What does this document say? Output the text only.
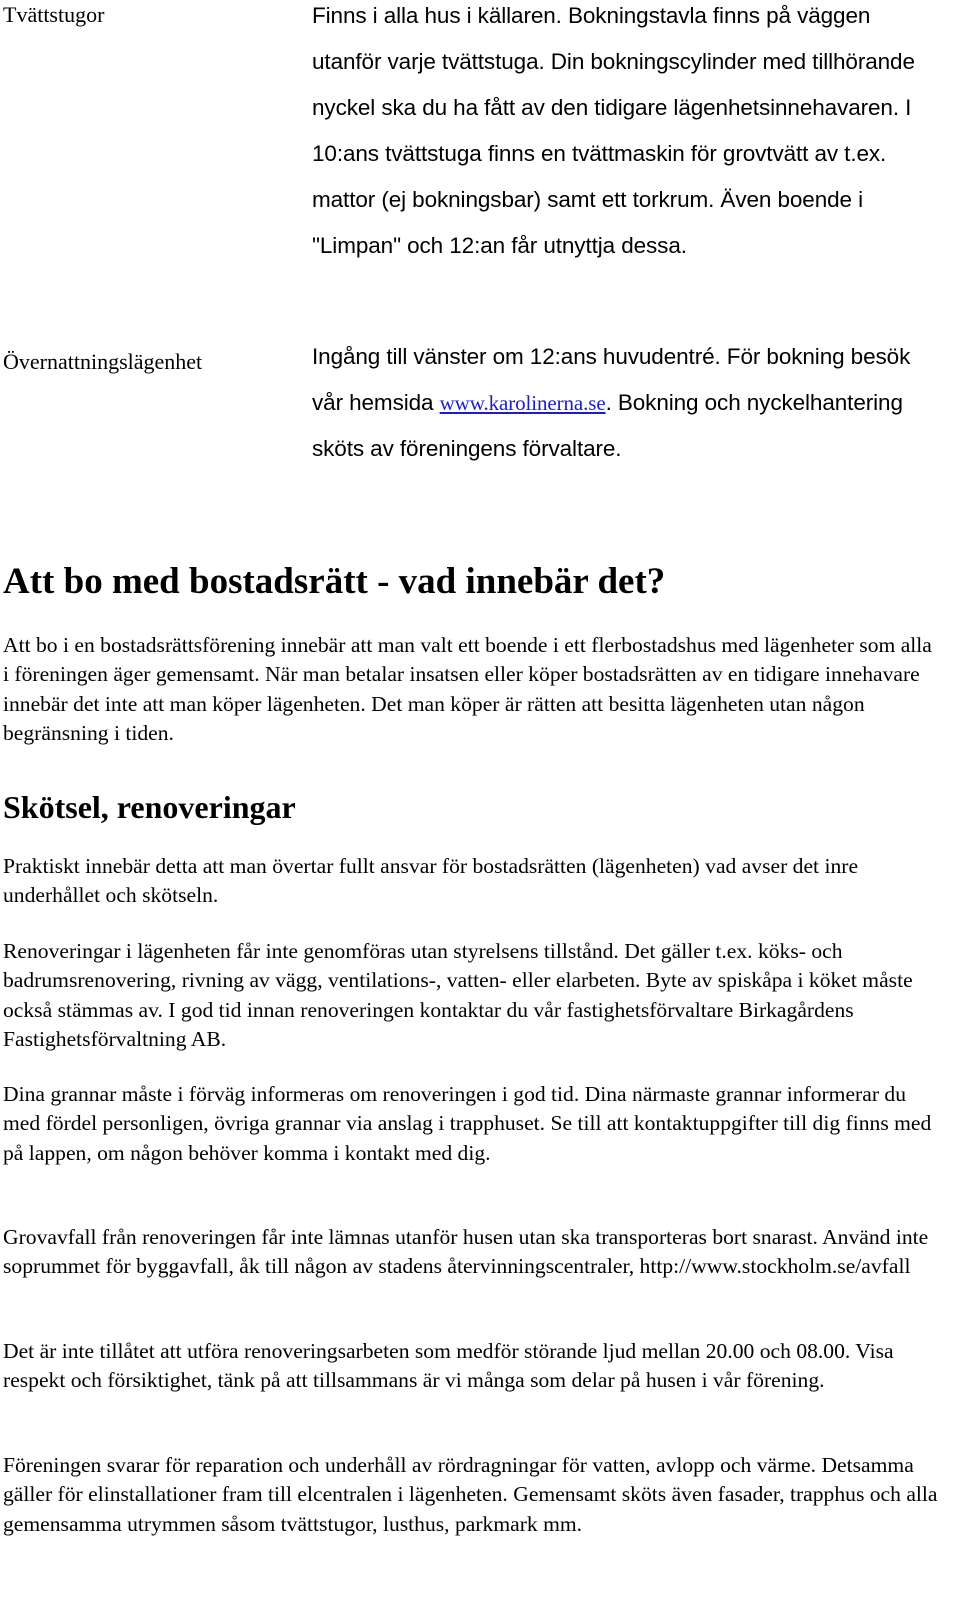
Tvättstugor	Finns i alla hus i källaren. Bokningstavla finns på väggen utanför varje tvättstuga. Din bokningscylinder med tillhörande nyckel ska du ha fått av den tidigare lägenhetsinnehavaren. I 10:ans tvättstuga finns en tvättmaskin för grovtvätt av t.ex. mattor (ej bokningsbar) samt ett torkrum. Även boende i "Limpan" och 12:an får utnyttja dessa.
Övernattningslägenhet	Ingång till vänster om 12:ans huvudentré. För bokning besök vår hemsida www.karolinerna.se. Bokning och nyckelhantering sköts av föreningens förvaltare.
Att bo med bostadsrätt - vad innebär det?

Att bo i en bostadsrättsförening innebär att man valt ett boende i ett flerbostadshus med lägenheter som alla i föreningen äger gemensamt. När man betalar insatsen eller köper bostadsrätten av en tidigare innehavare innebär det inte att man köper lägenheten. Det man köper är rätten att besitta lägenheten utan någon begränsning i tiden.

Skötsel, renoveringar

Praktiskt innebär detta att man övertar fullt ansvar för bostadsrätten (lägenheten) vad avser det inre underhållet och skötseln.

Renoveringar i lägenheten får inte genomföras utan styrelsens tillstånd. Det gäller t.ex. köks- och badrumsrenovering, rivning av vägg, ventilations-, vatten- eller elarbeten. Byte av spiskåpa i köket måste också stämmas av. I god tid innan renoveringen kontaktar du vår fastighetsförvaltare Birkagårdens Fastighetsförvaltning AB.

Dina grannar måste i förväg informeras om renoveringen i god tid. Dina närmaste grannar informerar du med fördel personligen, övriga grannar via anslag i trapphuset. Se till att kontaktuppgifter till dig finns med på lappen, om någon behöver komma i kontakt med dig.

Grovavfall från renoveringen får inte lämnas utanför husen utan ska transporteras bort snarast. Använd inte soprummet för byggavfall, åk till någon av stadens återvinningscentraler, http://www.stockholm.se/avfall

Det är inte tillåtet att utföra renoveringsarbeten som medför störande ljud mellan 20.00 och 08.00. Visa respekt och försiktighet, tänk på att tillsammans är vi många som delar på husen i vår förening.

Föreningen svarar för reparation och underhåll av rördragningar för vatten, avlopp och värme. Detsamma gäller för elinstallationer fram till elcentralen i lägenheten. Gemensamt sköts även fasader, trapphus och alla gemensamma utrymmen såsom tvättstugor, lusthus, parkmark mm.
